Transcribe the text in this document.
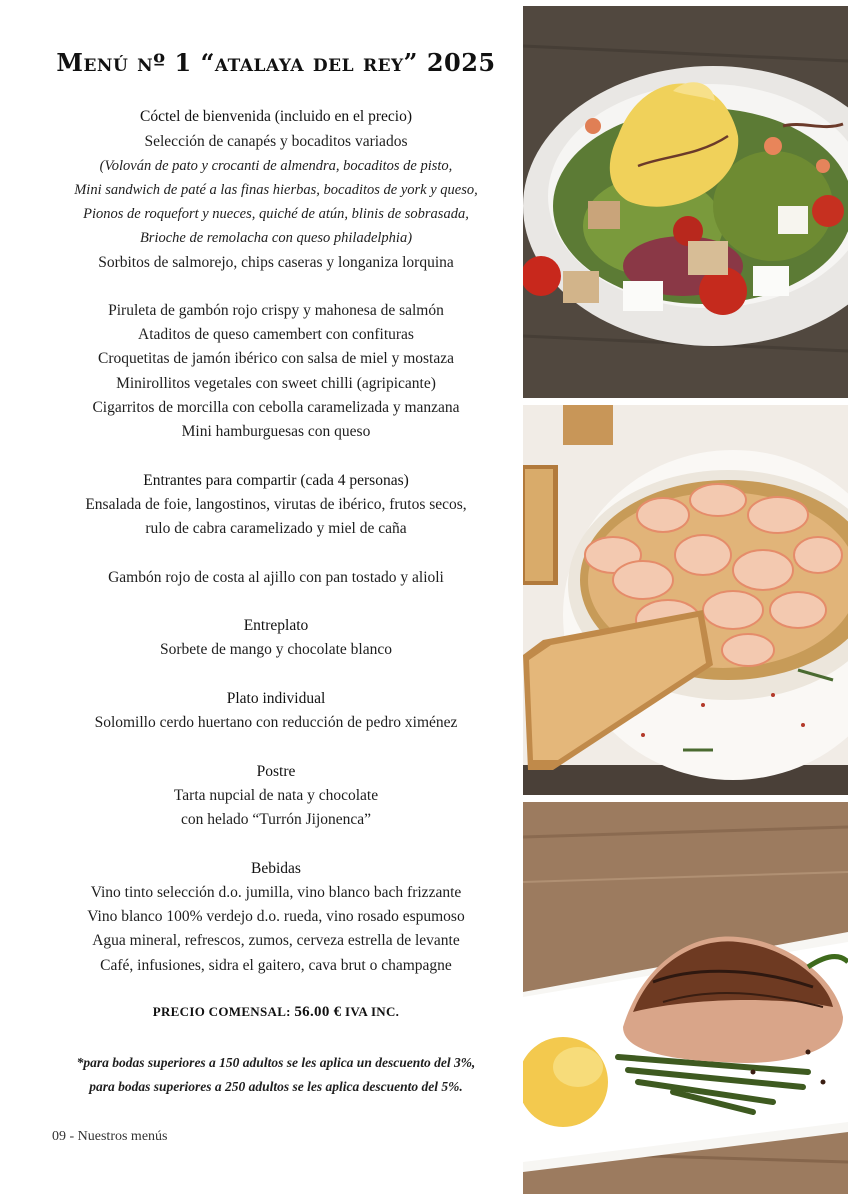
Menú nº 1 “atalaya del rey” 2025
Cóctel de bienvenida (incluido en el precio)
Selección de canapés y bocaditos variados
(Volován de pato y crocanti de almendra, bocaditos de pisto,
Mini sandwich de paté a las finas hierbas, bocaditos de york y queso,
Pionos de roquefort y nueces, quiché de atún, blinis de sobrasada,
Brioche de remolacha con queso philadelphia)
Sorbitos de salmorejo, chips caseras y longaniza lorquina
Piruleta de gambón rojo crispy y mahonesa de salmón
Ataditos de queso camembert con confituras
Croquetitas de jamón ibérico con salsa de miel y mostaza
Minirollitos vegetales con sweet chilli (agripicante)
Cigarritos de morcilla con cebolla caramelizada y manzana
Mini hamburguesas con queso
Entrantes para compartir (cada 4 personas)
Ensalada de foie, langostinos, virutas de ibérico, frutos secos,
rulo de cabra caramelizado y miel de caña
Gambón rojo de costa al ajillo con pan tostado y alioli
Entreplato
Sorbete de mango y chocolate blanco
Plato individual
Solomillo cerdo huertano con reducción de pedro ximénez
Postre
Tarta nupcial de nata y chocolate
con helado “Turrón Jijonenca”
Bebidas
Vino tinto selección d.o. jumilla, vino blanco bach frizzante
Vino blanco 100% verdejo d.o. rueda, vino rosado espumoso
Agua mineral, refrescos, zumos, cerveza estrella de levante
Café, infusiones, sidra el gaitero, cava brut o champagne
PRECIO COMENSAL: 56.00 € IVA INC.
*para bodas superiores a 150 adultos se les aplica un descuento del 3%,
para bodas superiores a 250 adultos se les aplica descuento del 5%.
09 - Nuestros menús
